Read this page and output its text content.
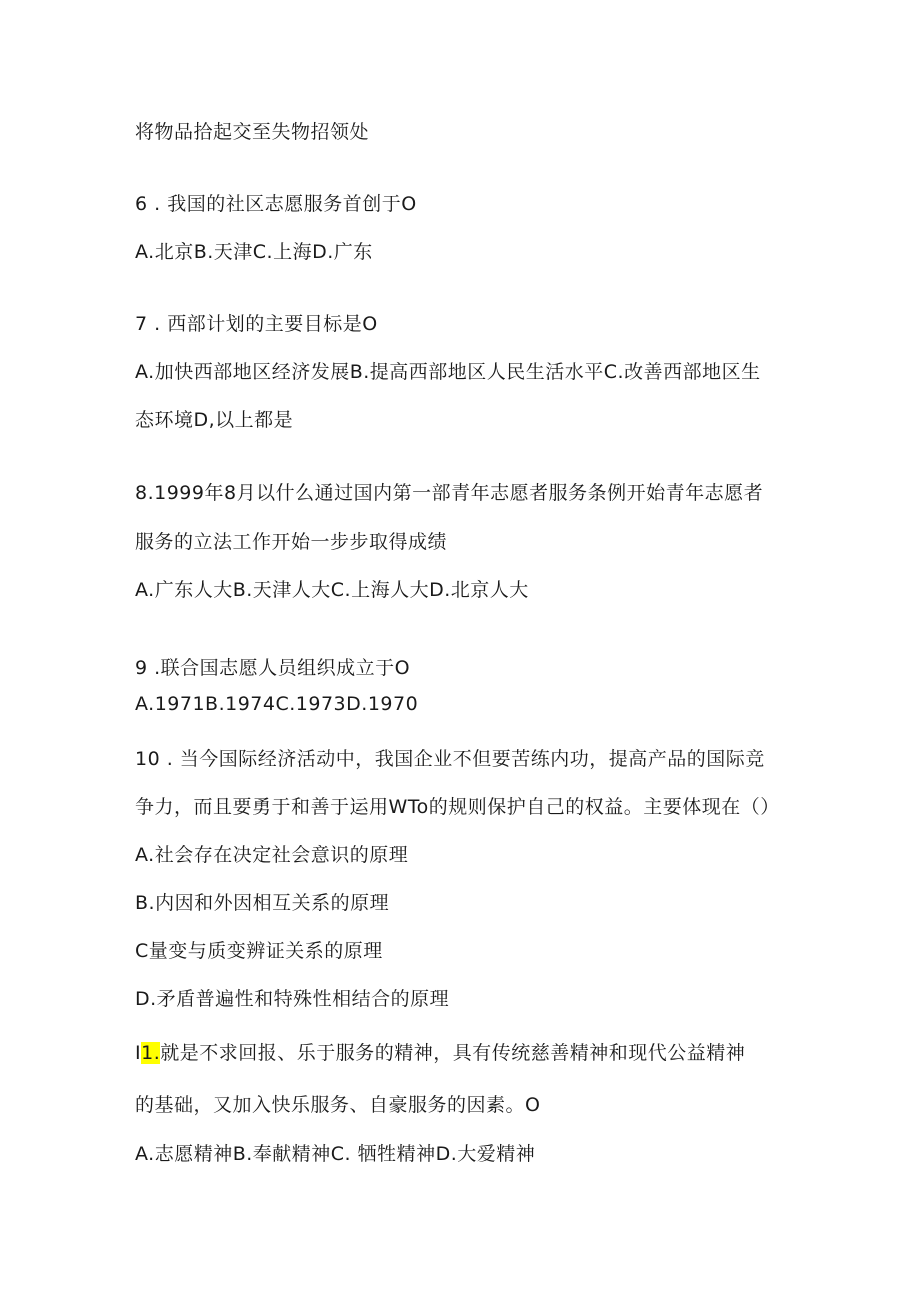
将物品拾起交至失物招领处
6 . 我国的社区志愿服务首创于O
A.北京B.天津C.上海D.广东
7 . 西部计划的主要目标是O
A.加快西部地区经济发展B.提高西部地区人民生活水平C.改善西部地区生
态环境D,以上都是
8.1999年8月以什么通过国内第一部青年志愿者服务条例开始青年志愿者
服务的立法工作开始一步步取得成绩
A.广东人大B.天津人大C.上海人大D.北京人大
9 .联合国志愿人员组织成立于O
A.1971B.1974C.1973D.1970
10 . 当今国际经济活动中，我国企业不但要苦练内功，提高产品的国际竞
争力，而且要勇于和善于运用WTo的规则保护自己的权益。主要体现在（）
A.社会存在决定社会意识的原理
B.内因和外因相互关系的原理
C量变与质变辨证关系的原理
D.矛盾普遍性和特殊性相结合的原理
I1.就是不求回报、乐于服务的精神，具有传统慈善精神和现代公益精神
的基础，又加入快乐服务、自豪服务的因素。O
A.志愿精神B.奉献精神C. 牺牲精神D.大爱精神
